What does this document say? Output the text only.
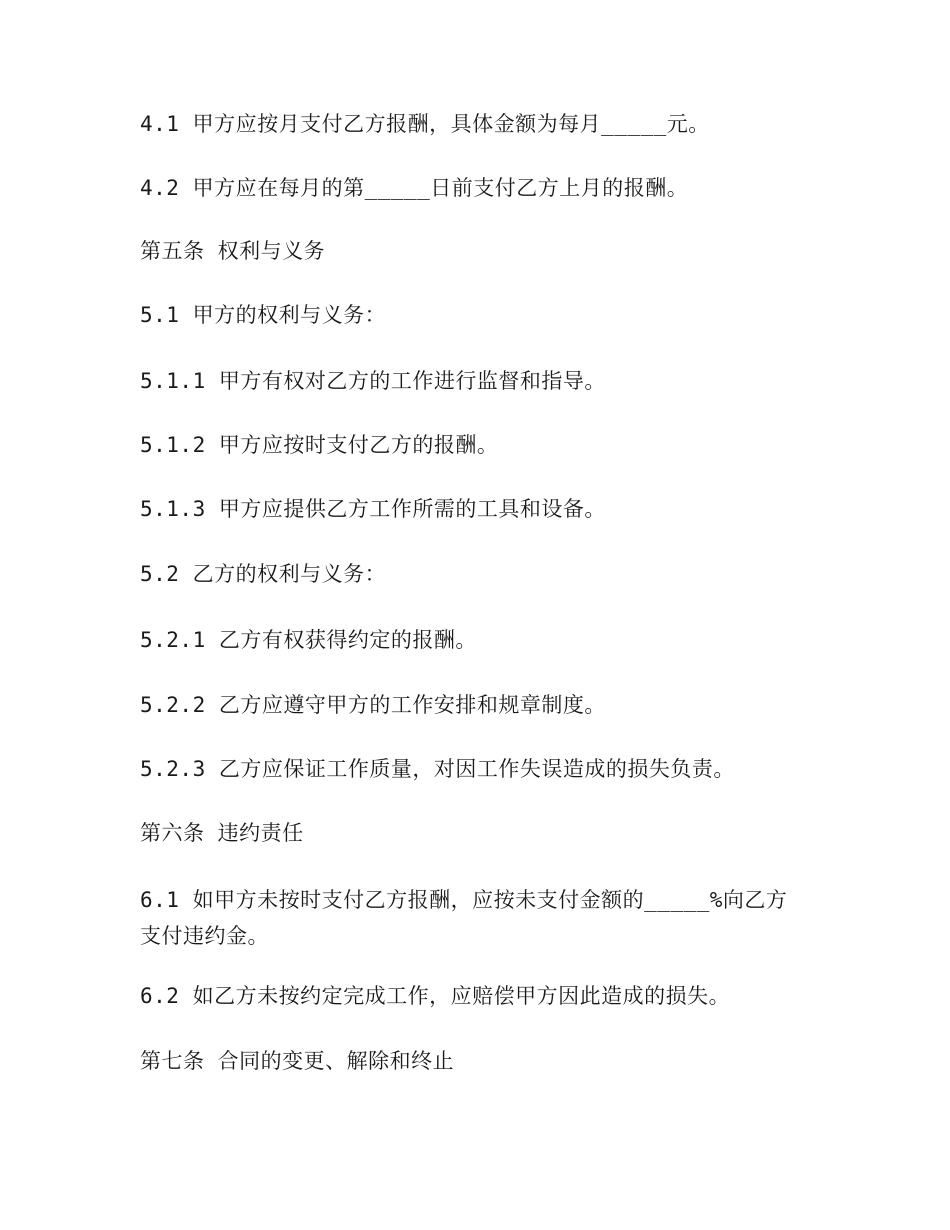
4.1 甲方应按月支付乙方报酬，具体金额为每月_____元。

4.2 甲方应在每月的第_____日前支付乙方上月的报酬。

第五条 权利与义务

5.1 甲方的权利与义务：

5.1.1 甲方有权对乙方的工作进行监督和指导。

5.1.2 甲方应按时支付乙方的报酬。

5.1.3 甲方应提供乙方工作所需的工具和设备。

5.2 乙方的权利与义务：

5.2.1 乙方有权获得约定的报酬。

5.2.2 乙方应遵守甲方的工作安排和规章制度。

5.2.3 乙方应保证工作质量，对因工作失误造成的损失负责。

第六条 违约责任

6.1 如甲方未按时支付乙方报酬，应按未支付金额的_____%向乙方支付违约金。

6.2 如乙方未按约定完成工作，应赔偿甲方因此造成的损失。

第七条 合同的变更、解除和终止
